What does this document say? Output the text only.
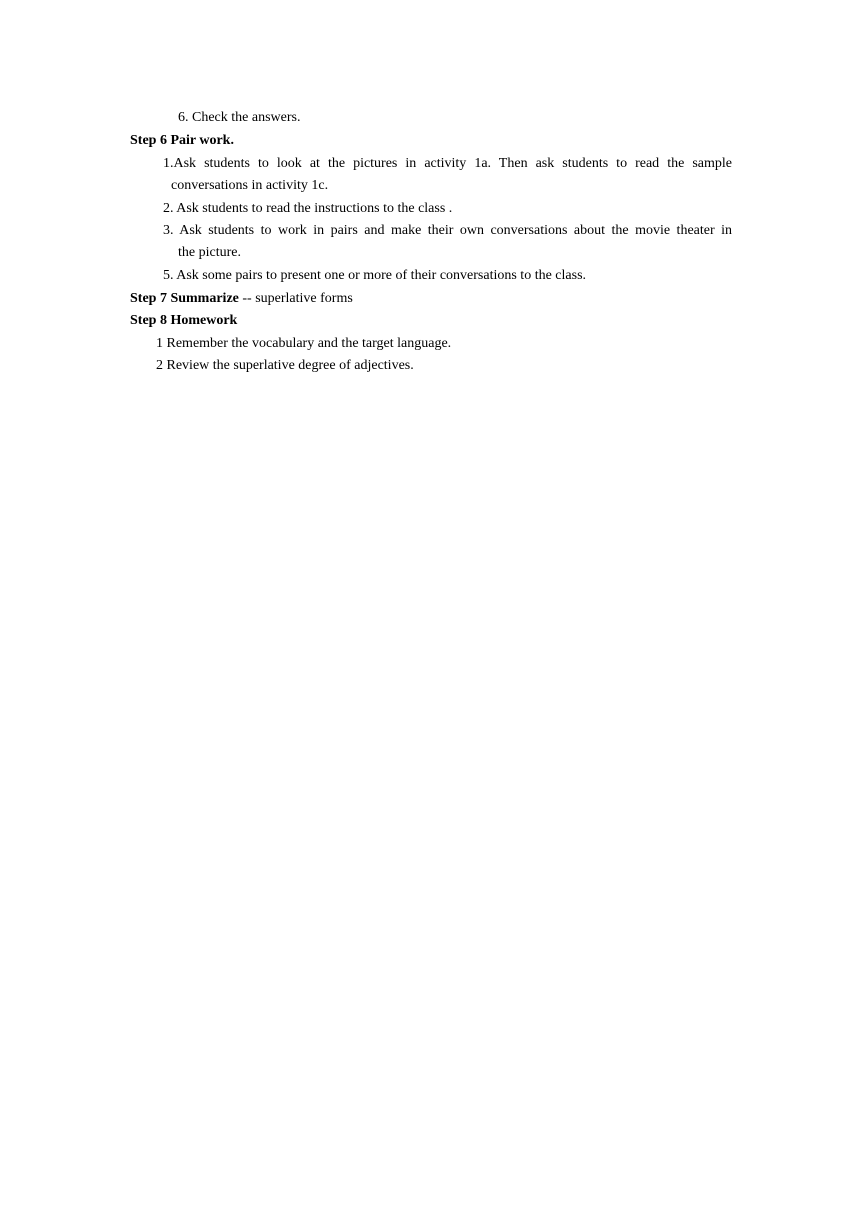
6. Check the answers.
Step 6 Pair work.
1.Ask students to look at the pictures in activity 1a. Then ask students to read the sample
conversations in activity 1c.
2. Ask students to read the instructions to the class .
3. Ask students to work in pairs and make their own conversations about the movie theater in
the picture.
5. Ask some pairs to present one or more of their conversations to the class.
Step 7 Summarize -- superlative forms
Step 8 Homework
1 Remember the vocabulary and the target language.
2 Review the superlative degree of adjectives.
